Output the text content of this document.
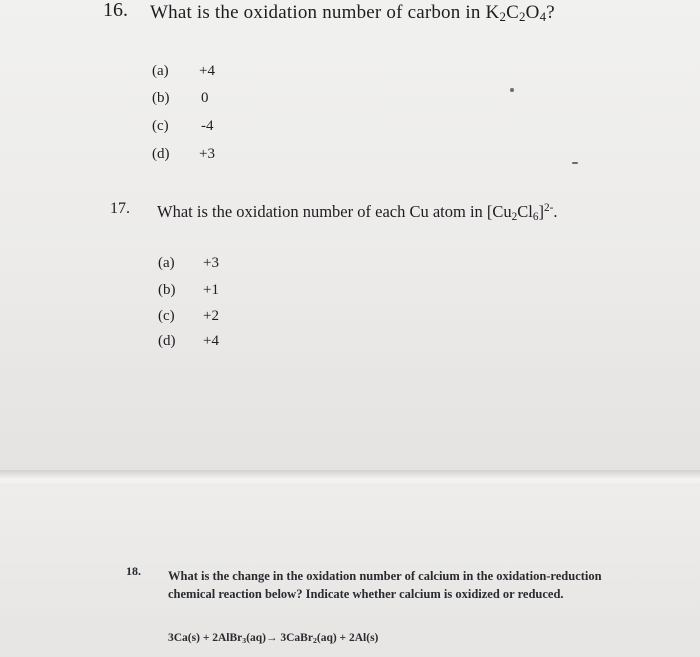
16. What is the oxidation number of carbon in $K_2C_2O_4$?
(a) +4
(b) 0
(c) -4
(d) +3
17. What is the oxidation number of each Cu atom in $[Cu_2Cl_6]^{2-}$.
(a) +3
(b) +1
(c) +2
(d) +4
18. What is the change in the oxidation number of calcium in the oxidation-reduction
chemical reaction below? Indicate whether calcium is oxidized or reduced.
3Ca(s) + 2AlBr$_3$(aq)→ 3CaBr$_2$(aq) + 2Al(s)
